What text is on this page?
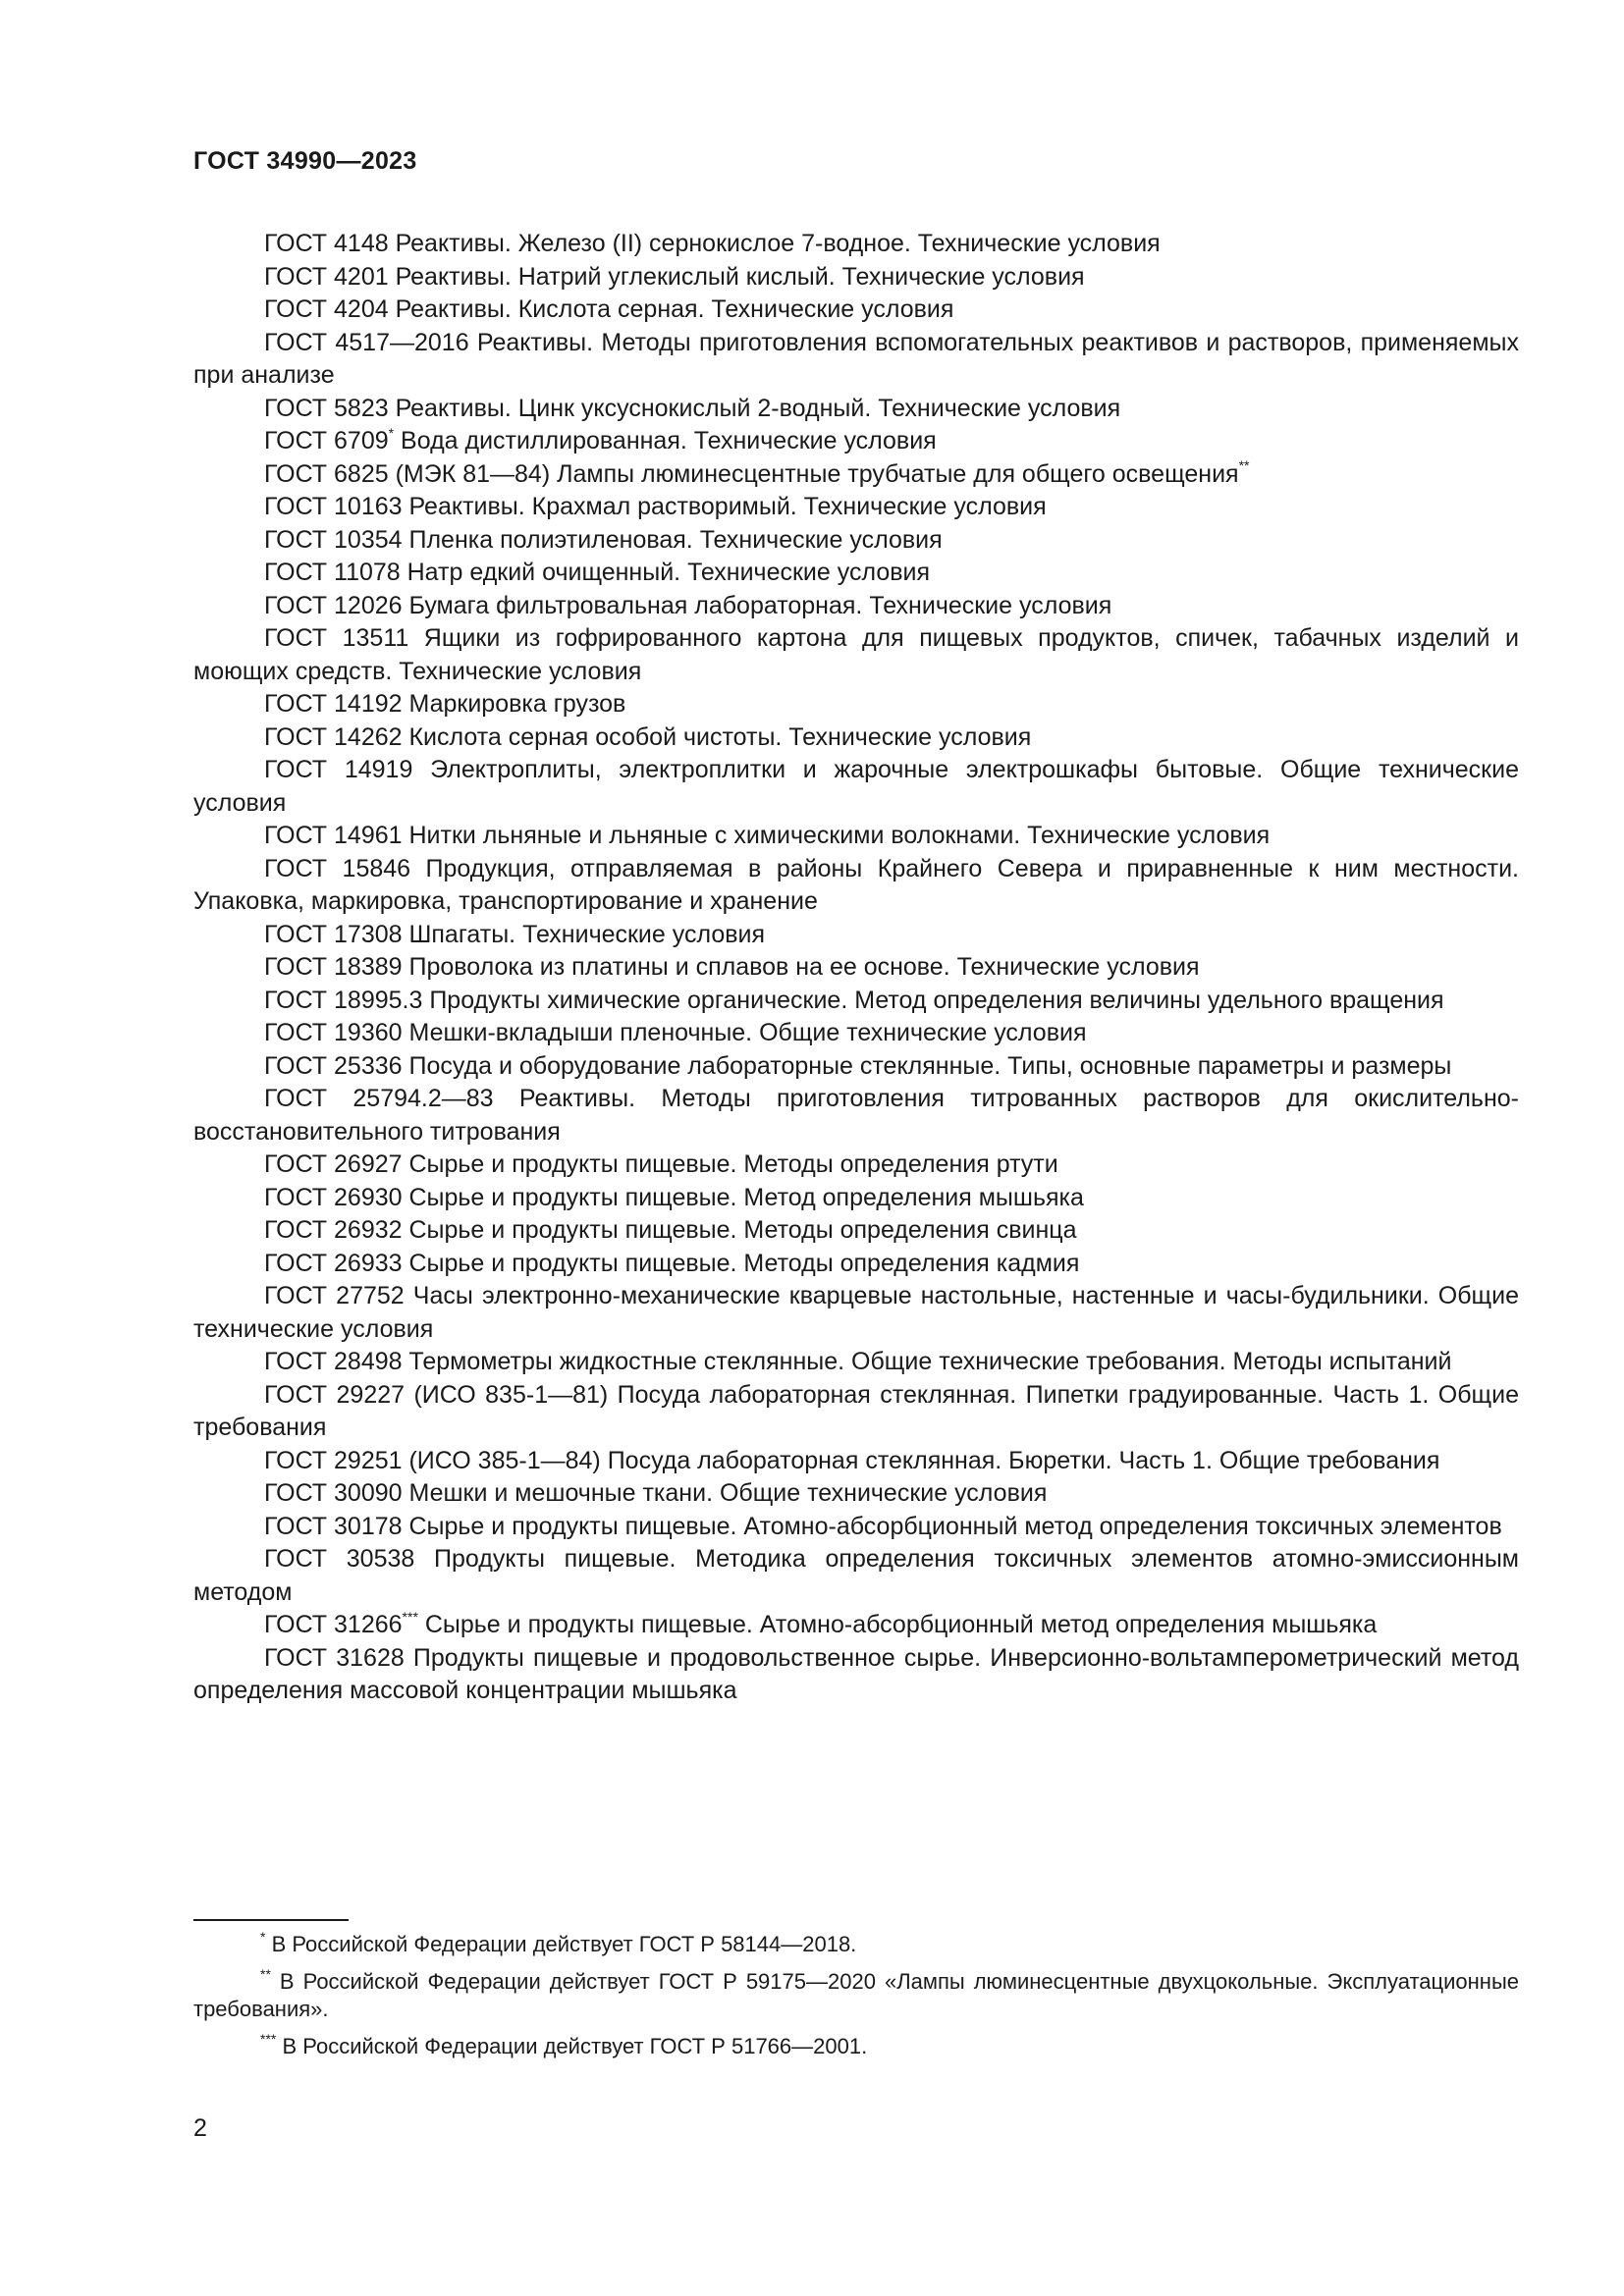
ГОСТ 34990—2023

ГОСТ 4148 Реактивы. Железо (II) сернокислое 7-водное. Технические условия

ГОСТ 4201 Реактивы. Натрий углекислый кислый. Технические условия

ГОСТ 4204 Реактивы. Кислота серная. Технические условия

ГОСТ 4517—2016 Реактивы. Методы приготовления вспомогательных реактивов и растворов, применяемых при анализе

ГОСТ 5823 Реактивы. Цинк уксуснокислый 2-водный. Технические условия

ГОСТ 6709* Вода дистиллированная. Технические условия

ГОСТ 6825 (МЭК 81—84) Лампы люминесцентные трубчатые для общего освещения**

ГОСТ 10163 Реактивы. Крахмал растворимый. Технические условия

ГОСТ 10354 Пленка полиэтиленовая. Технические условия

ГОСТ 11078 Натр едкий очищенный. Технические условия

ГОСТ 12026 Бумага фильтровальная лабораторная. Технические условия

ГОСТ 13511 Ящики из гофрированного картона для пищевых продуктов, спичек, табачных изделий и моющих средств. Технические условия

ГОСТ 14192 Маркировка грузов

ГОСТ 14262 Кислота серная особой чистоты. Технические условия

ГОСТ 14919 Электроплиты, электроплитки и жарочные электрошкафы бытовые. Общие технические условия

ГОСТ 14961 Нитки льняные и льняные с химическими волокнами. Технические условия

ГОСТ 15846 Продукция, отправляемая в районы Крайнего Севера и приравненные к ним местности. Упаковка, маркировка, транспортирование и хранение

ГОСТ 17308 Шпагаты. Технические условия

ГОСТ 18389 Проволока из платины и сплавов на ее основе. Технические условия

ГОСТ 18995.3 Продукты химические органические. Метод определения величины удельного вращения

ГОСТ 19360 Мешки-вкладыши пленочные. Общие технические условия

ГОСТ 25336 Посуда и оборудование лабораторные стеклянные. Типы, основные параметры и размеры

ГОСТ 25794.2—83 Реактивы. Методы приготовления титрованных растворов для окислительно-восстановительного титрования

ГОСТ 26927 Сырье и продукты пищевые. Методы определения ртути

ГОСТ 26930 Сырье и продукты пищевые. Метод определения мышьяка

ГОСТ 26932 Сырье и продукты пищевые. Методы определения свинца

ГОСТ 26933 Сырье и продукты пищевые. Методы определения кадмия

ГОСТ 27752 Часы электронно-механические кварцевые настольные, настенные и часы-будильники. Общие технические условия

ГОСТ 28498 Термометры жидкостные стеклянные. Общие технические требования. Методы испытаний

ГОСТ 29227 (ИСО 835-1—81) Посуда лабораторная стеклянная. Пипетки градуированные. Часть 1. Общие требования

ГОСТ 29251 (ИСО 385-1—84) Посуда лабораторная стеклянная. Бюретки. Часть 1. Общие требования

ГОСТ 30090 Мешки и мешочные ткани. Общие технические условия

ГОСТ 30178 Сырье и продукты пищевые. Атомно-абсорбционный метод определения токсичных элементов

ГОСТ 30538 Продукты пищевые. Методика определения токсичных элементов атомно-эмиссионным методом

ГОСТ 31266*** Сырье и продукты пищевые. Атомно-абсорбционный метод определения мышьяка

ГОСТ 31628 Продукты пищевые и продовольственное сырье. Инверсионно-вольтамперометрический метод определения массовой концентрации мышьяка

* В Российской Федерации действует ГОСТ Р 58144—2018.

** В Российской Федерации действует ГОСТ Р 59175—2020 «Лампы люминесцентные двухцокольные. Эксплуатационные требования».

*** В Российской Федерации действует ГОСТ Р 51766—2001.

2
